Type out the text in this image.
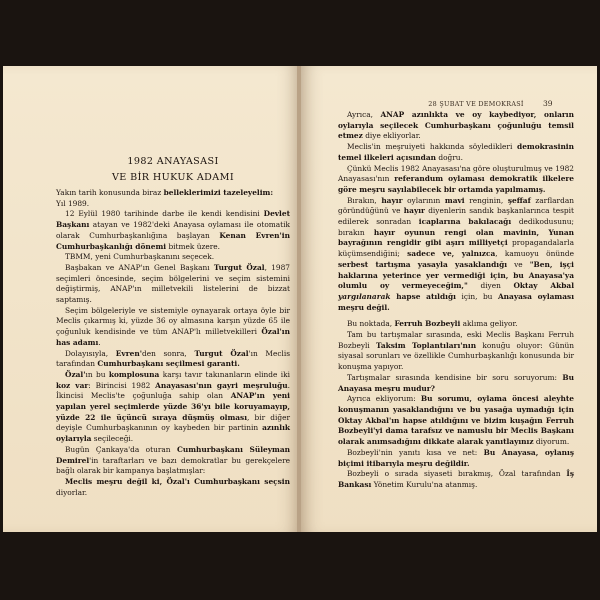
1982 ANAYASASI
VE BİR HUKUK ADAMI

Yakın tarih konusunda biraz belleklerimizi tazeleyelim:

Yıl 1989.

12 Eylül 1980 tarihinde darbe ile kendi kendisini Devlet Başkanı atayan ve 1982'deki Anayasa oylaması ile otomatik olarak Cumhurbaşkanlığına başlayan Kenan Evren'in Cumhurbaşkanlığı dönemi bitmek üzere.

TBMM, yeni Cumhurbaşkanını seçecek.

Başbakan ve ANAP'ın Genel Başkanı Turgut Özal, 1987 seçimleri öncesinde, seçim bölgelerini ve seçim sistemini değiştirmiş, ANAP'ın milletvekili listelerini de bizzat saptamış.

Seçim bölgeleriyle ve sistemiyle oynayarak ortaya öyle bir Meclis çıkarmış ki, yüzde 36 oy almasına karşın yüzde 65 ile çoğunluk kendisinde ve tüm ANAP'lı milletvekilleri Özal'ın has adamı.

Dolayısıyla, Evren'den sonra, Turgut Özal'ın Meclis tarafından Cumhurbaşkanı seçilmesi garanti.

Özal'ın bu komplosuna karşı tavır takınanların elinde iki koz var: Birincisi 1982 Anayasası'nın gayri meşruluğu. İkincisi Meclis'te çoğunluğa sahip olan ANAP'ın yeni yapılan yerel seçimlerde yüzde 36'yı bile koruyamayıp, yüzde 22 ile üçüncü sıraya düşmüş olması, bir diğer deyişle Cumhurbaşkanının oy kaybeden bir partinin azınlık oylarıyla seçileceği.

Bugün Çankaya'da oturan Cumhurbaşkanı Süleyman Demirel'in taraftarları ve bazı demokratlar bu gerekçelere bağlı olarak bir kampanya başlatmışlar:

Meclis meşru değil ki, Özal'ı Cumhurbaşkanı seçsin diyorlar.

28 ŞUBAT VE DEMOKRASİ	39

Ayrıca, ANAP azınlıkta ve oy kaybediyor, onların oylarıyla seçilecek Cumhurbaşkanı çoğunluğu temsil etmez diye ekliyorlar.

Meclis'in meşruiyeti hakkında söyledikleri demokrasinin temel ilkeleri açısından doğru.

Çünkü Meclis 1982 Anayasası'na göre oluşturulmuş ve 1982 Anayasası'nın referandum oylaması demokratik ilkelere göre meşru sayılabilecek bir ortamda yapılmamış.

Bırakın, hayır oylarının mavi renginin, şeffaf zarflardan göründüğünü ve hayır diyenlerin sandık başkanlarınca tespit edilerek sonradan icaplarına bakılacağı dedikodusunu; bırakın hayır oyunun rengi olan mavinin, Yunan bayrağının rengidir gibi aşırı milliyetçi propagandalarla küçümsendiğini; sadece ve, yalnızca, kamuoyu önünde serbest tartışma yasayla yasaklandığı ve "Ben, işçi haklarına yeterince yer vermediği için, bu Anayasa'ya olumlu oy vermeyeceğim," diyen Oktay Akbal yargılanarak hapse atıldığı için, bu Anayasa oylaması meşru değil.

Bu noktada, Ferruh Bozbeyli aklıma geliyor.

Tam bu tartışmalar sırasında, eski Meclis Başkanı Ferruh Bozbeyli Taksim Toplantıları'nın konuğu oluyor: Günün siyasal sorunları ve özellikle Cumhurbaşkanlığı konusunda bir konuşma yapıyor.

Tartışmalar sırasında kendisine bir soru soruyorum: Bu Anayasa meşru mudur?

Ayrıca ekliyorum: Bu sorumu, oylama öncesi aleyhte konuşmanın yasaklandığını ve bu yasağa uymadığı için Oktay Akbal'ın hapse atıldığını ve bizim kuşağın Ferruh Bozbeyli'yi dama tarafsız ve namuslu bir Meclis Başkanı olarak anımsadığını dikkate alarak yanıtlayınız diyorum.

Bozbeyli'nin yanıtı kısa ve net: Bu Anayasa, oylanış biçimi itibarıyla meşru değildir.

Bozbeyli o sırada siyaseti bırakmış, Özal tarafından İş Bankası Yönetim Kurulu'na atanmış.
